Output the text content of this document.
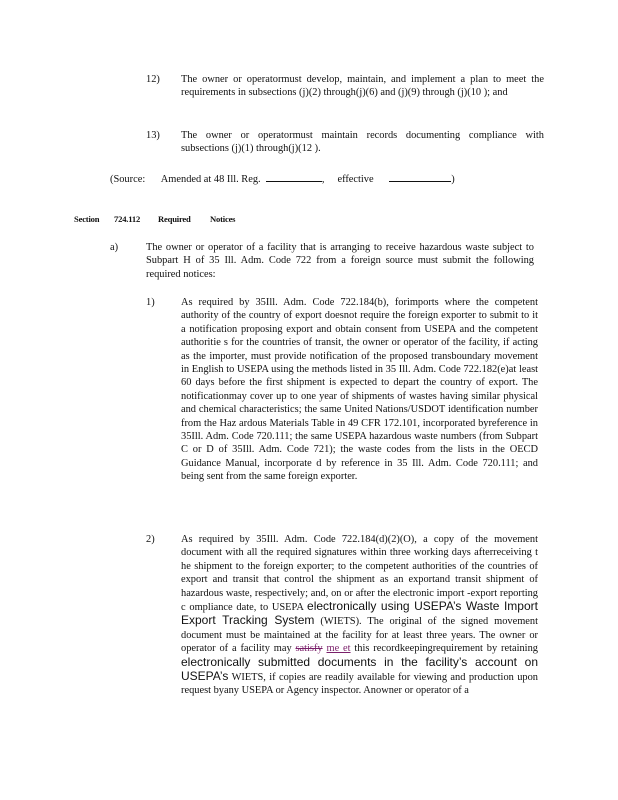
12) The owner or operatormust develop, maintain, and implement a plan to meet the requirements in subsections (j)(2) through(j)(6) and (j)(9) through (j)(10 ); and
13) The owner or operatormust maintain records documenting compliance with subsections (j)(1) through(j)(12 ).
(Source: Amended at 48 Ill. Reg.	, effective	)
Section 724.112 Required Notices
a)	The owner or operator of a facility that is arranging to receive hazardous waste subject to Subpart H of 35 Ill. Adm. Code 722 from a foreign source must submit the following required notices:
1)	As required by 35Ill. Adm. Code 722.184(b), forimports where the competent authority of the country of export doesnot require the foreign exporter to submit to it a notification proposing export and obtain consent from USEPA and the competent authoritie s for the countries of transit, the owner or operator of the facility, if acting as the importer, must provide notification of the proposed transboundary movement in English to USEPA using the methods listed in 35 Ill. Adm. Code 722.182(e)at least 60 days before the first shipment is expected to depart the country of export. The notificationmay cover up to one year of shipments of wastes having similar physical and chemical characteristics; the same United Nations/USDOT identification number from the Haz ardous Materials Table in 49 CFR 172.101, incorporated byreference in 35Ill. Adm. Code 720.111; the same USEPA hazardous waste numbers (from Subpart C or D of 35Ill. Adm. Code 721); the waste codes from the lists in the OECD Guidance Manual, incorporate d by reference in 35 Ill. Adm. Code 720.111; and being sent from the same foreign exporter.
2)	As required by 35Ill. Adm. Code 722.184(d)(2)(O), a copy of the movement document with all the required signatures within three working days afterreceiving t he shipment to the foreign exporter; to the competent authorities of the countries of export and transit that control the shipment as an exportand transit shipment of hazardous waste, respectively; and, on or after the electronic import -export reporting c ompliance date, to USEPA electronically using USEPA’s Waste Import Export Tracking System (WIETS). The original of the signed movement document must be maintained at the facility for at least three years. The owner or operator of a facility may satisfy me et this recordkeepingrequirement by retaining electronically submitted documents in the facility’s account on USEPA’s WIETS, if copies are readily available for viewing and production upon request byany USEPA or Agency inspector. Anowner or operator of a
